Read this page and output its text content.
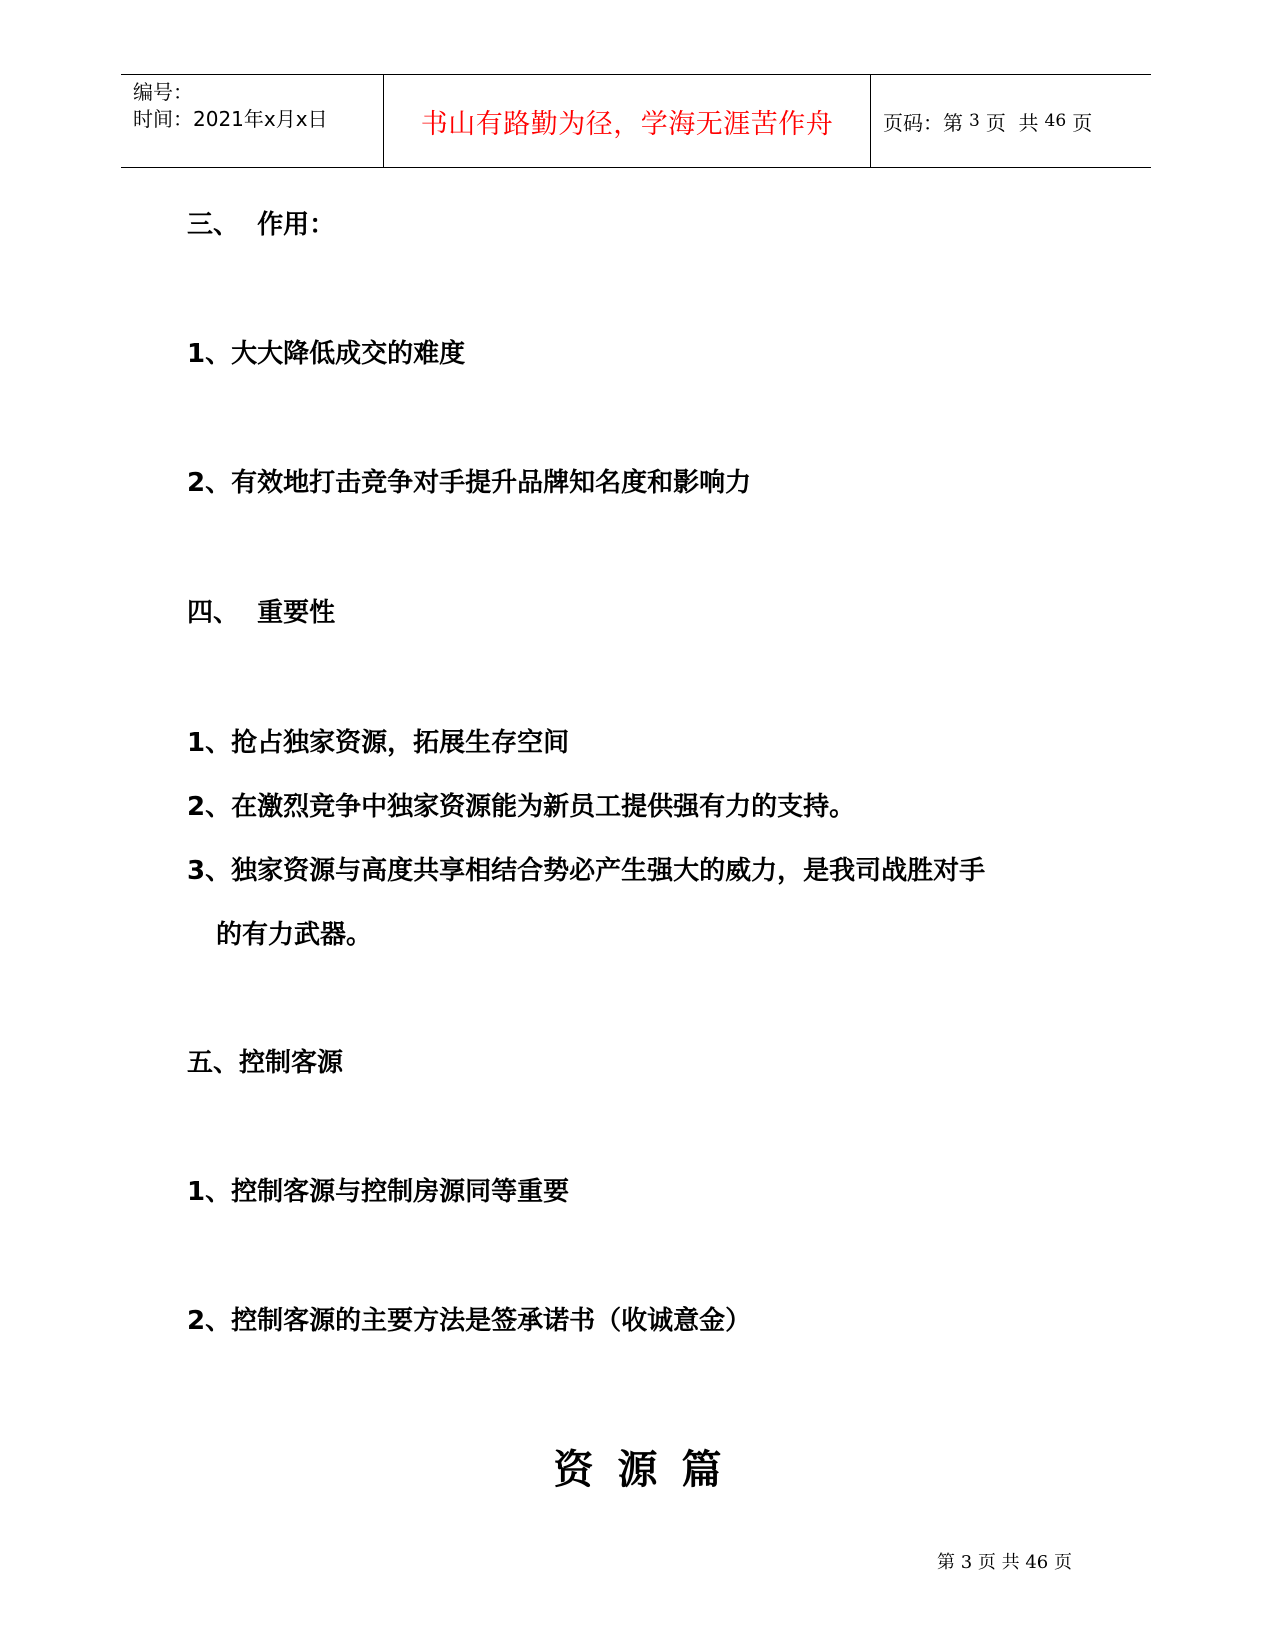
编号：
时间：2021年x月x日	书山有路勤为径，学海无涯苦作舟 页码：第 3 页  共 46 页
三、  作用：
1、大大降低成交的难度
2、有效地打击竞争对手提升品牌知名度和影响力
四、  重要性
1、抢占独家资源，拓展生存空间
2、在激烈竞争中独家资源能为新员工提供强有力的支持。
3、独家资源与高度共享相结合势必产生强大的威力，是我司战胜对手
的有力武器。
五、控制客源
1、控制客源与控制房源同等重要
2、控制客源的主要方法是签承诺书（收诚意金）
资源篇
第 3 页 共 46 页
